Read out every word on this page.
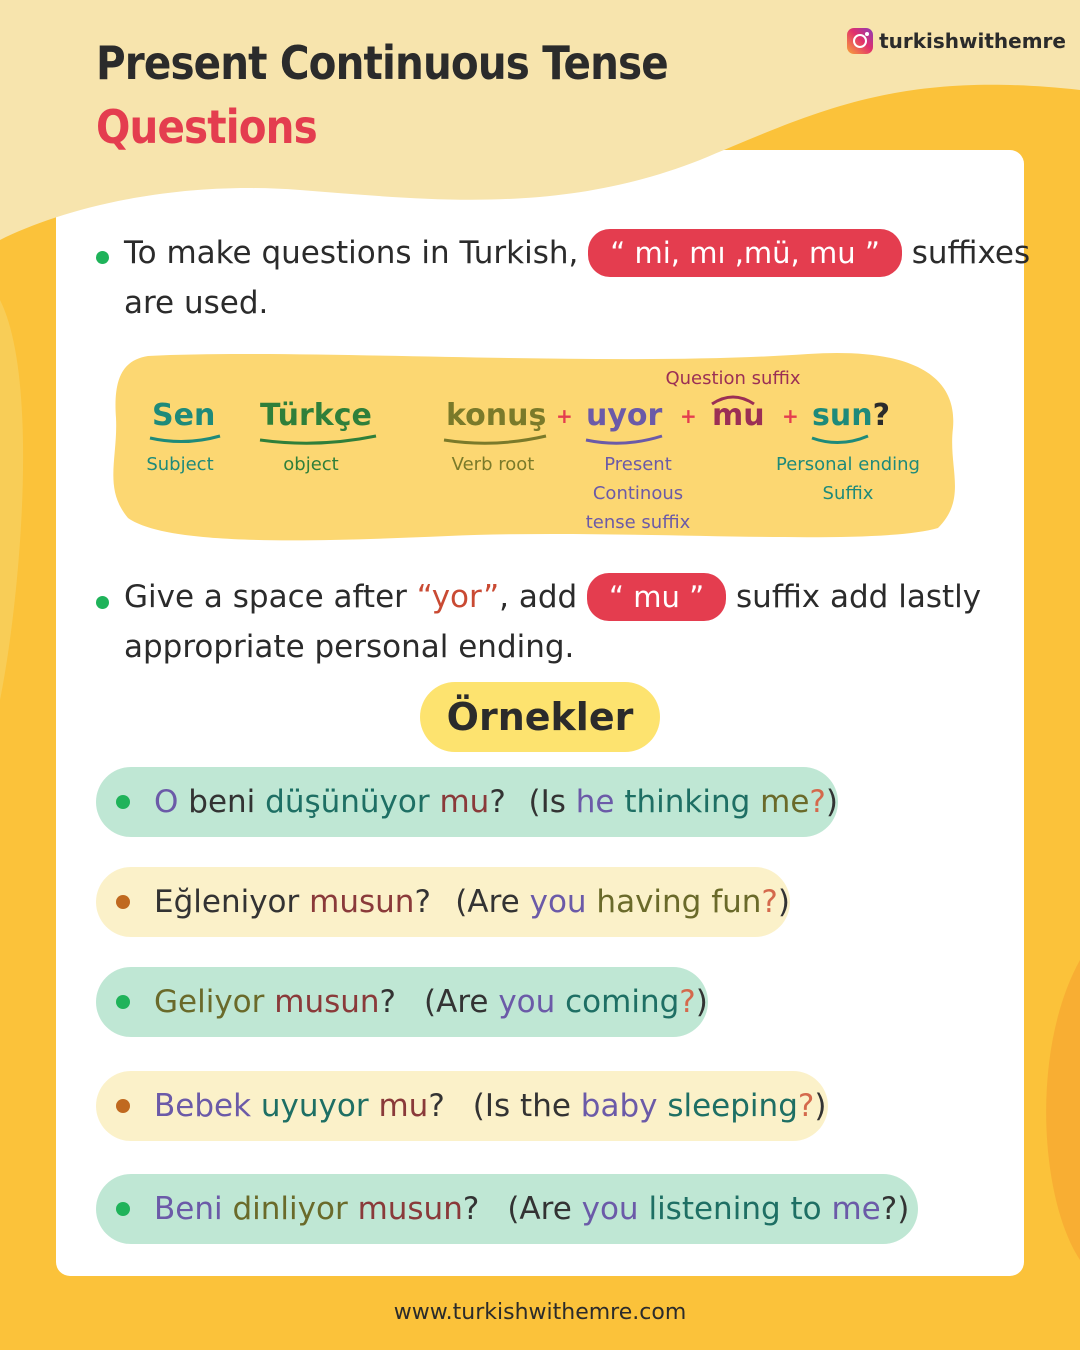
Present Continuous Tense
Questions
turkishwithemre
To make questions in Turkish, “ mi, mı ,mü, mu ” suffixes
are used.
Question suffix
Sen
Subject
Türkçe
object
konuş
Verb root
+ uyor
Present Continous
tense suffix
+ mu + sun?
Personal ending
Suffix
Give a space after “yor”, add “ mu ” suffix add lastly
appropriate personal ending.
Örnekler
O
beni
düşünüyor
mu ? (Is
he
thinking
me ? )
Eğleniyor
musun ? (Are
you
having fun ? )
Geliyor
musun ? (Are
you
coming ? )
Bebek
uyuyor
mu ? (Is the
baby
sleeping ? )
Beni
dinliyor
musun ? (Are
you
listening to
me ?)
www.turkishwithemre.com
